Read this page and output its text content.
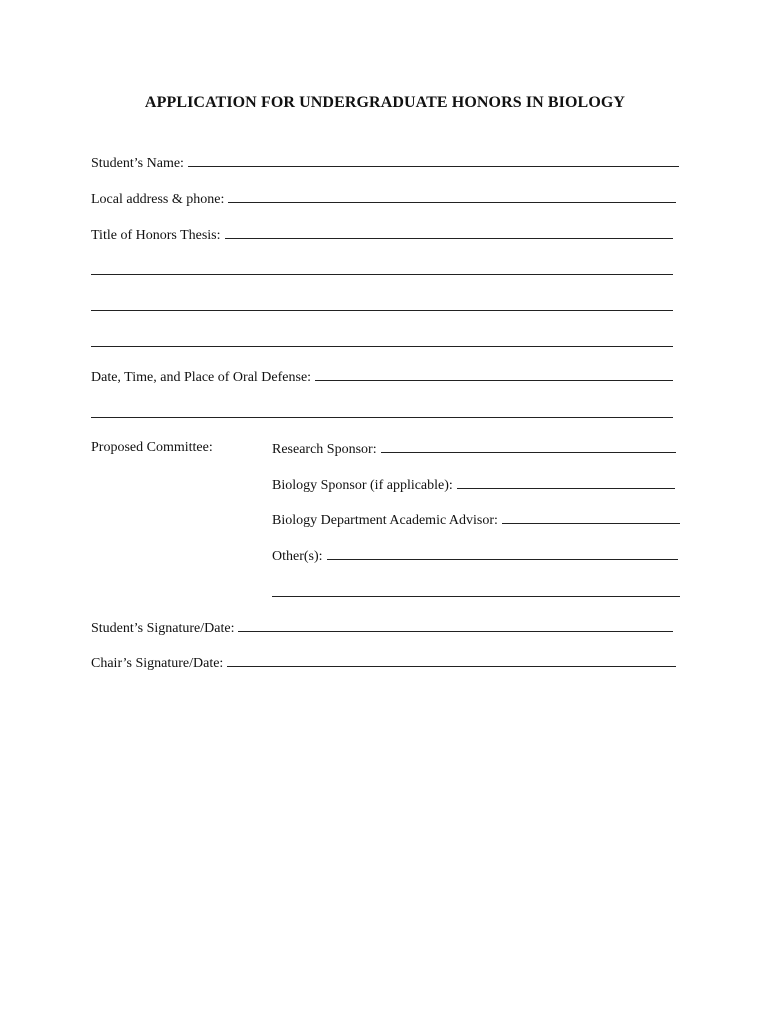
APPLICATION FOR UNDERGRADUATE HONORS IN BIOLOGY
Student’s Name:
Local address & phone:
Title of Honors Thesis:
Date, Time, and Place of Oral Defense:
Proposed Committee:	Research Sponsor:
Biology Sponsor (if applicable):
Biology Department Academic Advisor:
Other(s):
Student’s Signature/Date:
Chair’s Signature/Date:
